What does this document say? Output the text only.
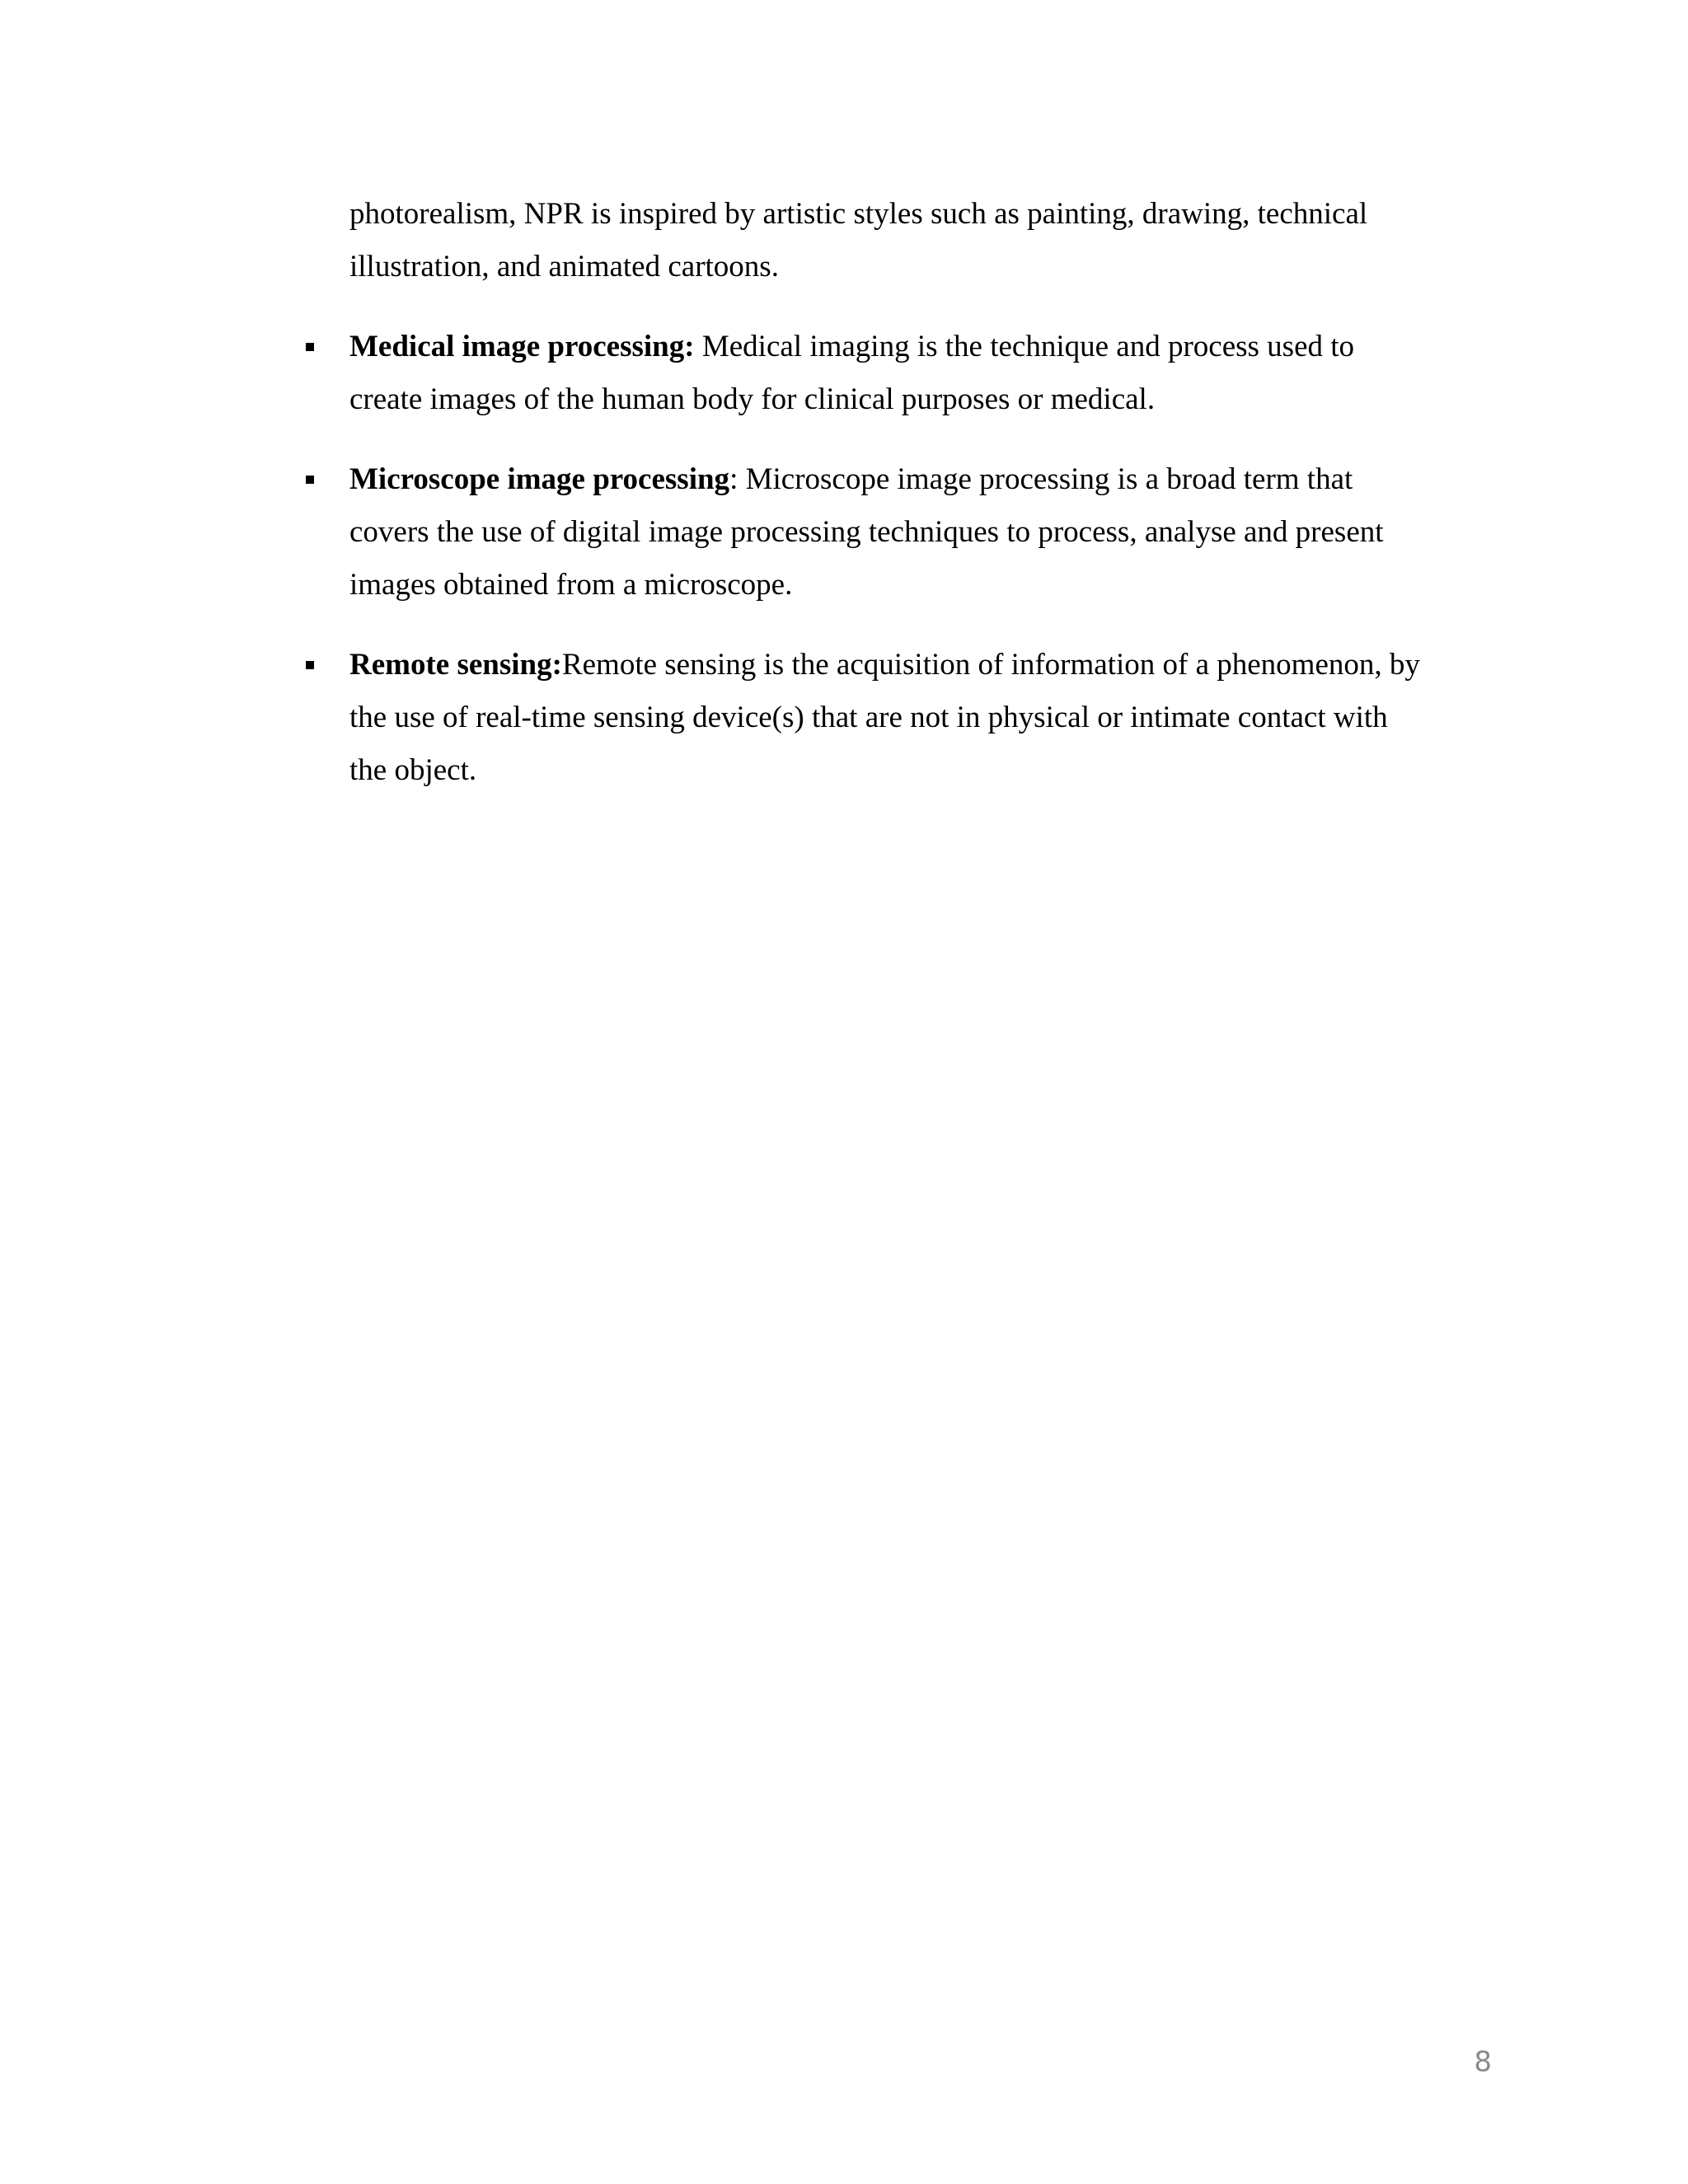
photorealism, NPR is inspired by artistic styles such as painting, drawing, technical illustration, and animated cartoons.

Medical image processing: Medical imaging is the technique and process used to create images of the human body for clinical purposes or medical.
Microscope image processing: Microscope image processing is a broad term that covers the use of digital image processing techniques to process, analyse and present images obtained from a microscope.
Remote sensing:Remote sensing is the acquisition of information of a phenomenon, by the use of real-time sensing device(s) that are not in physical or intimate contact with the object.
8
